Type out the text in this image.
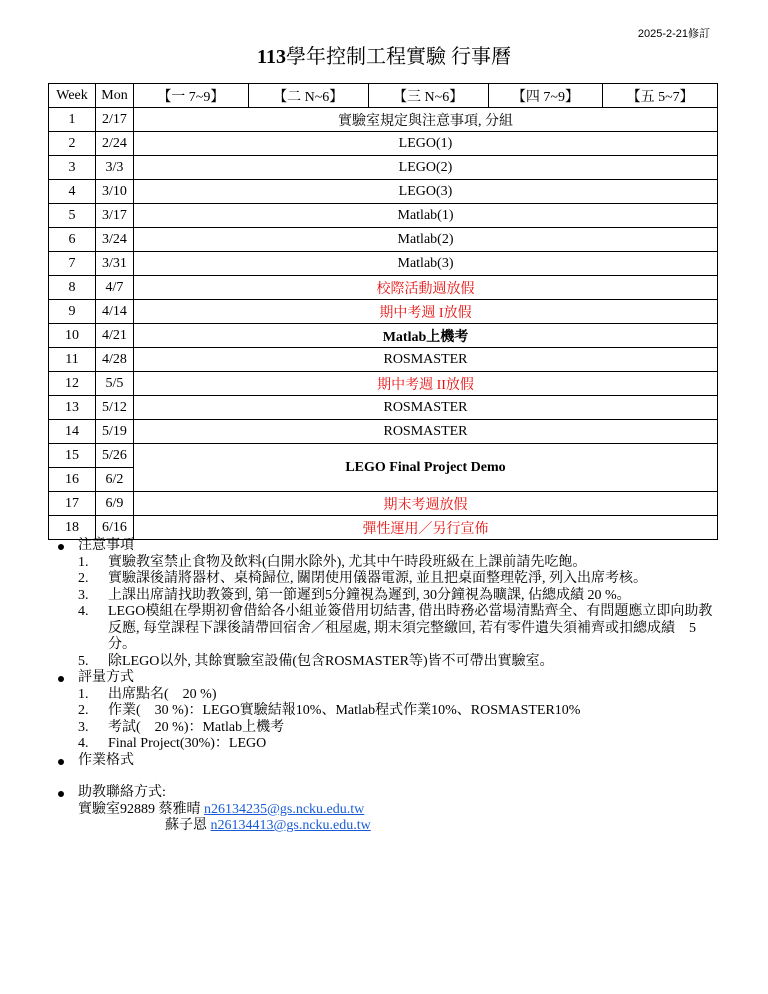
2025-2-21修訂
113學年控制工程實驗 行事曆
Week	Mon	【一 7~9】	【二 N~6】	【三 N~6】	【四 7~9】	【五 5~7】
1	2/17	實驗室規定與注意事項, 分組				
2	2/24	LEGO(1)				
3	3/3	LEGO(2)				
4	3/10	LEGO(3)				
5	3/17	Matlab(1)				
6	3/24	Matlab(2)				
7	3/31	Matlab(3)				
8	4/7	校際活動週放假				
9	4/14	期中考週 I放假				
10	4/21	Matlab上機考				
11	4/28	ROSMASTER				
12	5/5	期中考週 II放假				
13	5/12	ROSMASTER				
14	5/19	ROSMASTER				
15	5/26	LEGO Final Project Demo				
16	6/2					
17	6/9	期末考週放假				
18	6/16	彈性運用／另行宣佈				
注意事項
1. 實驗教室禁止食物及飲料(白開水除外), 尤其中午時段班級在上課前請先吃飽。
2. 實驗課後請將器材、桌椅歸位, 關閉使用儀器電源, 並且把桌面整理乾淨, 列入出席考核。
3. 上課出席請找助教簽到, 第一節遲到5分鐘視為遲到, 30分鐘視為曠課, 佔總成績 20 %。
4. LEGO模組在學期初會借給各小組並簽借用切結書, 借出時務必當場清點齊全、有問題應立即向助教反應, 每堂課程下課後請帶回宿舍／租屋處, 期末須完整繳回, 若有零件遺失須補齊或扣總成績　5分。
5. 除LEGO以外, 其餘實驗室設備(包含ROSMASTER等)皆不可帶出實驗室。
評量方式
1. 出席點名(　20 %)
2. 作業(　30 %)：LEGO實驗結報10%、Matlab程式作業10%、ROSMASTER10%
3. 考試(　20 %)：Matlab上機考
4. Final Project(30%)：LEGO
作業格式
助教聯絡方式:
實驗室92889 蔡雅晴 n26134235@gs.ncku.edu.tw
蘇子恩 n26134413@gs.ncku.edu.tw
